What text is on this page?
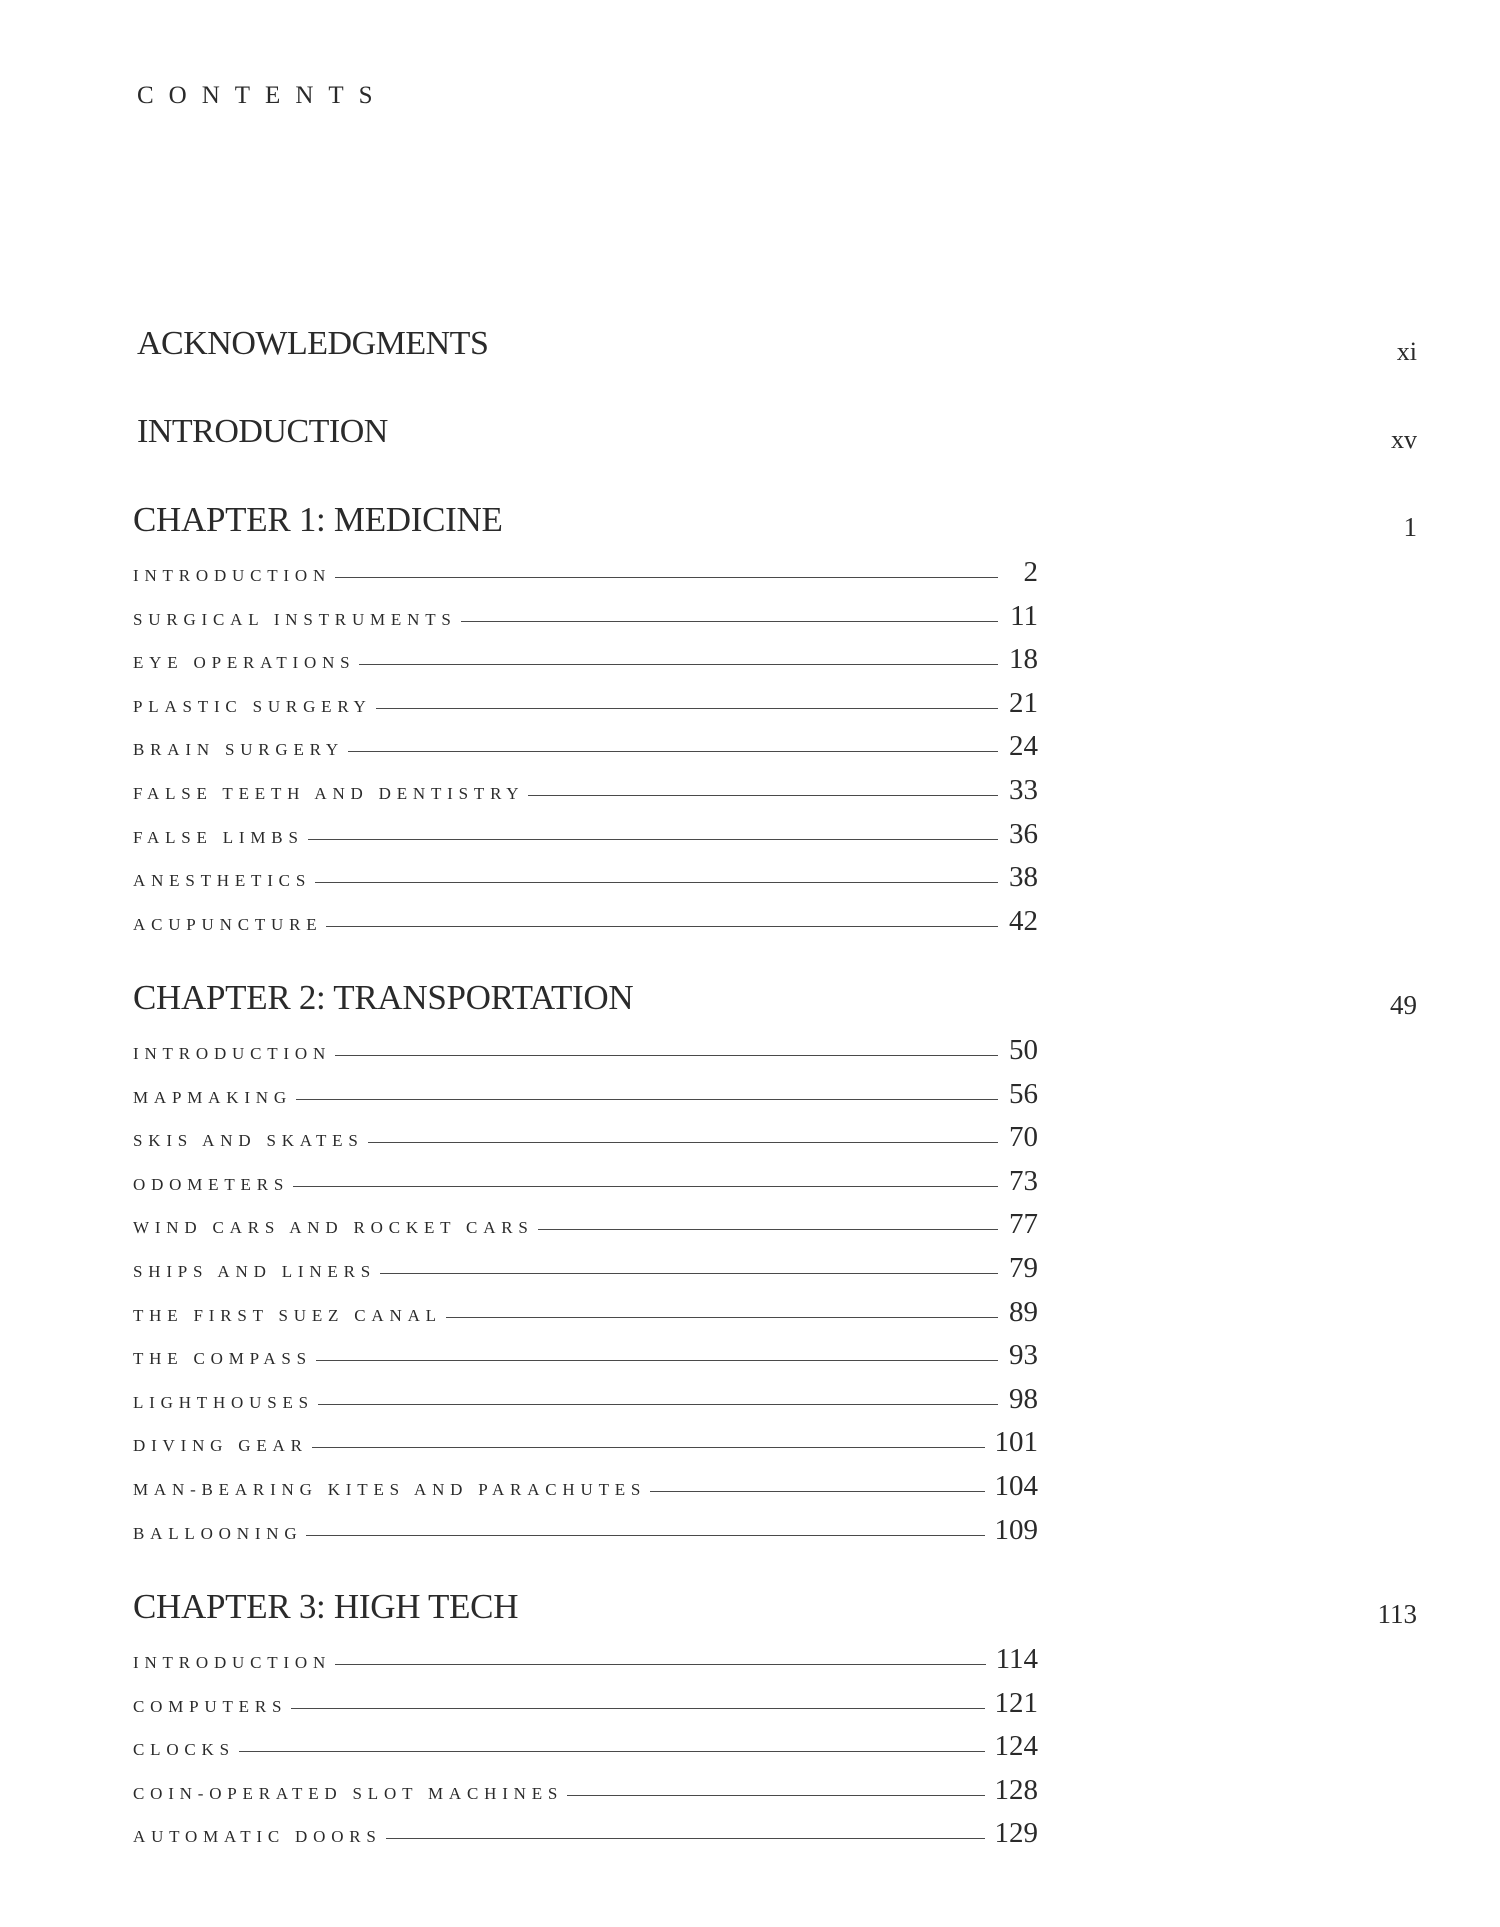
CONTENTS
ACKNOWLEDGMENTS	xi
INTRODUCTION	xv
CHAPTER 1: MEDICINE	1
INTRODUCTION	2
SURGICAL INSTRUMENTS	11
EYE OPERATIONS	18
PLASTIC SURGERY	21
BRAIN SURGERY	24
FALSE TEETH AND DENTISTRY	33
FALSE LIMBS	36
ANESTHETICS	38
ACUPUNCTURE	42
CHAPTER 2: TRANSPORTATION	49
INTRODUCTION	50
MAPMAKING	56
SKIS AND SKATES	70
ODOMETERS	73
WIND CARS AND ROCKET CARS	77
SHIPS AND LINERS	79
THE FIRST SUEZ CANAL	89
THE COMPASS	93
LIGHTHOUSES	98
DIVING GEAR	101
MAN-BEARING KITES AND PARACHUTES	104
BALLOONING	109
CHAPTER 3: HIGH TECH	113
INTRODUCTION	114
COMPUTERS	121
CLOCKS	124
COIN-OPERATED SLOT MACHINES	128
AUTOMATIC DOORS	129
